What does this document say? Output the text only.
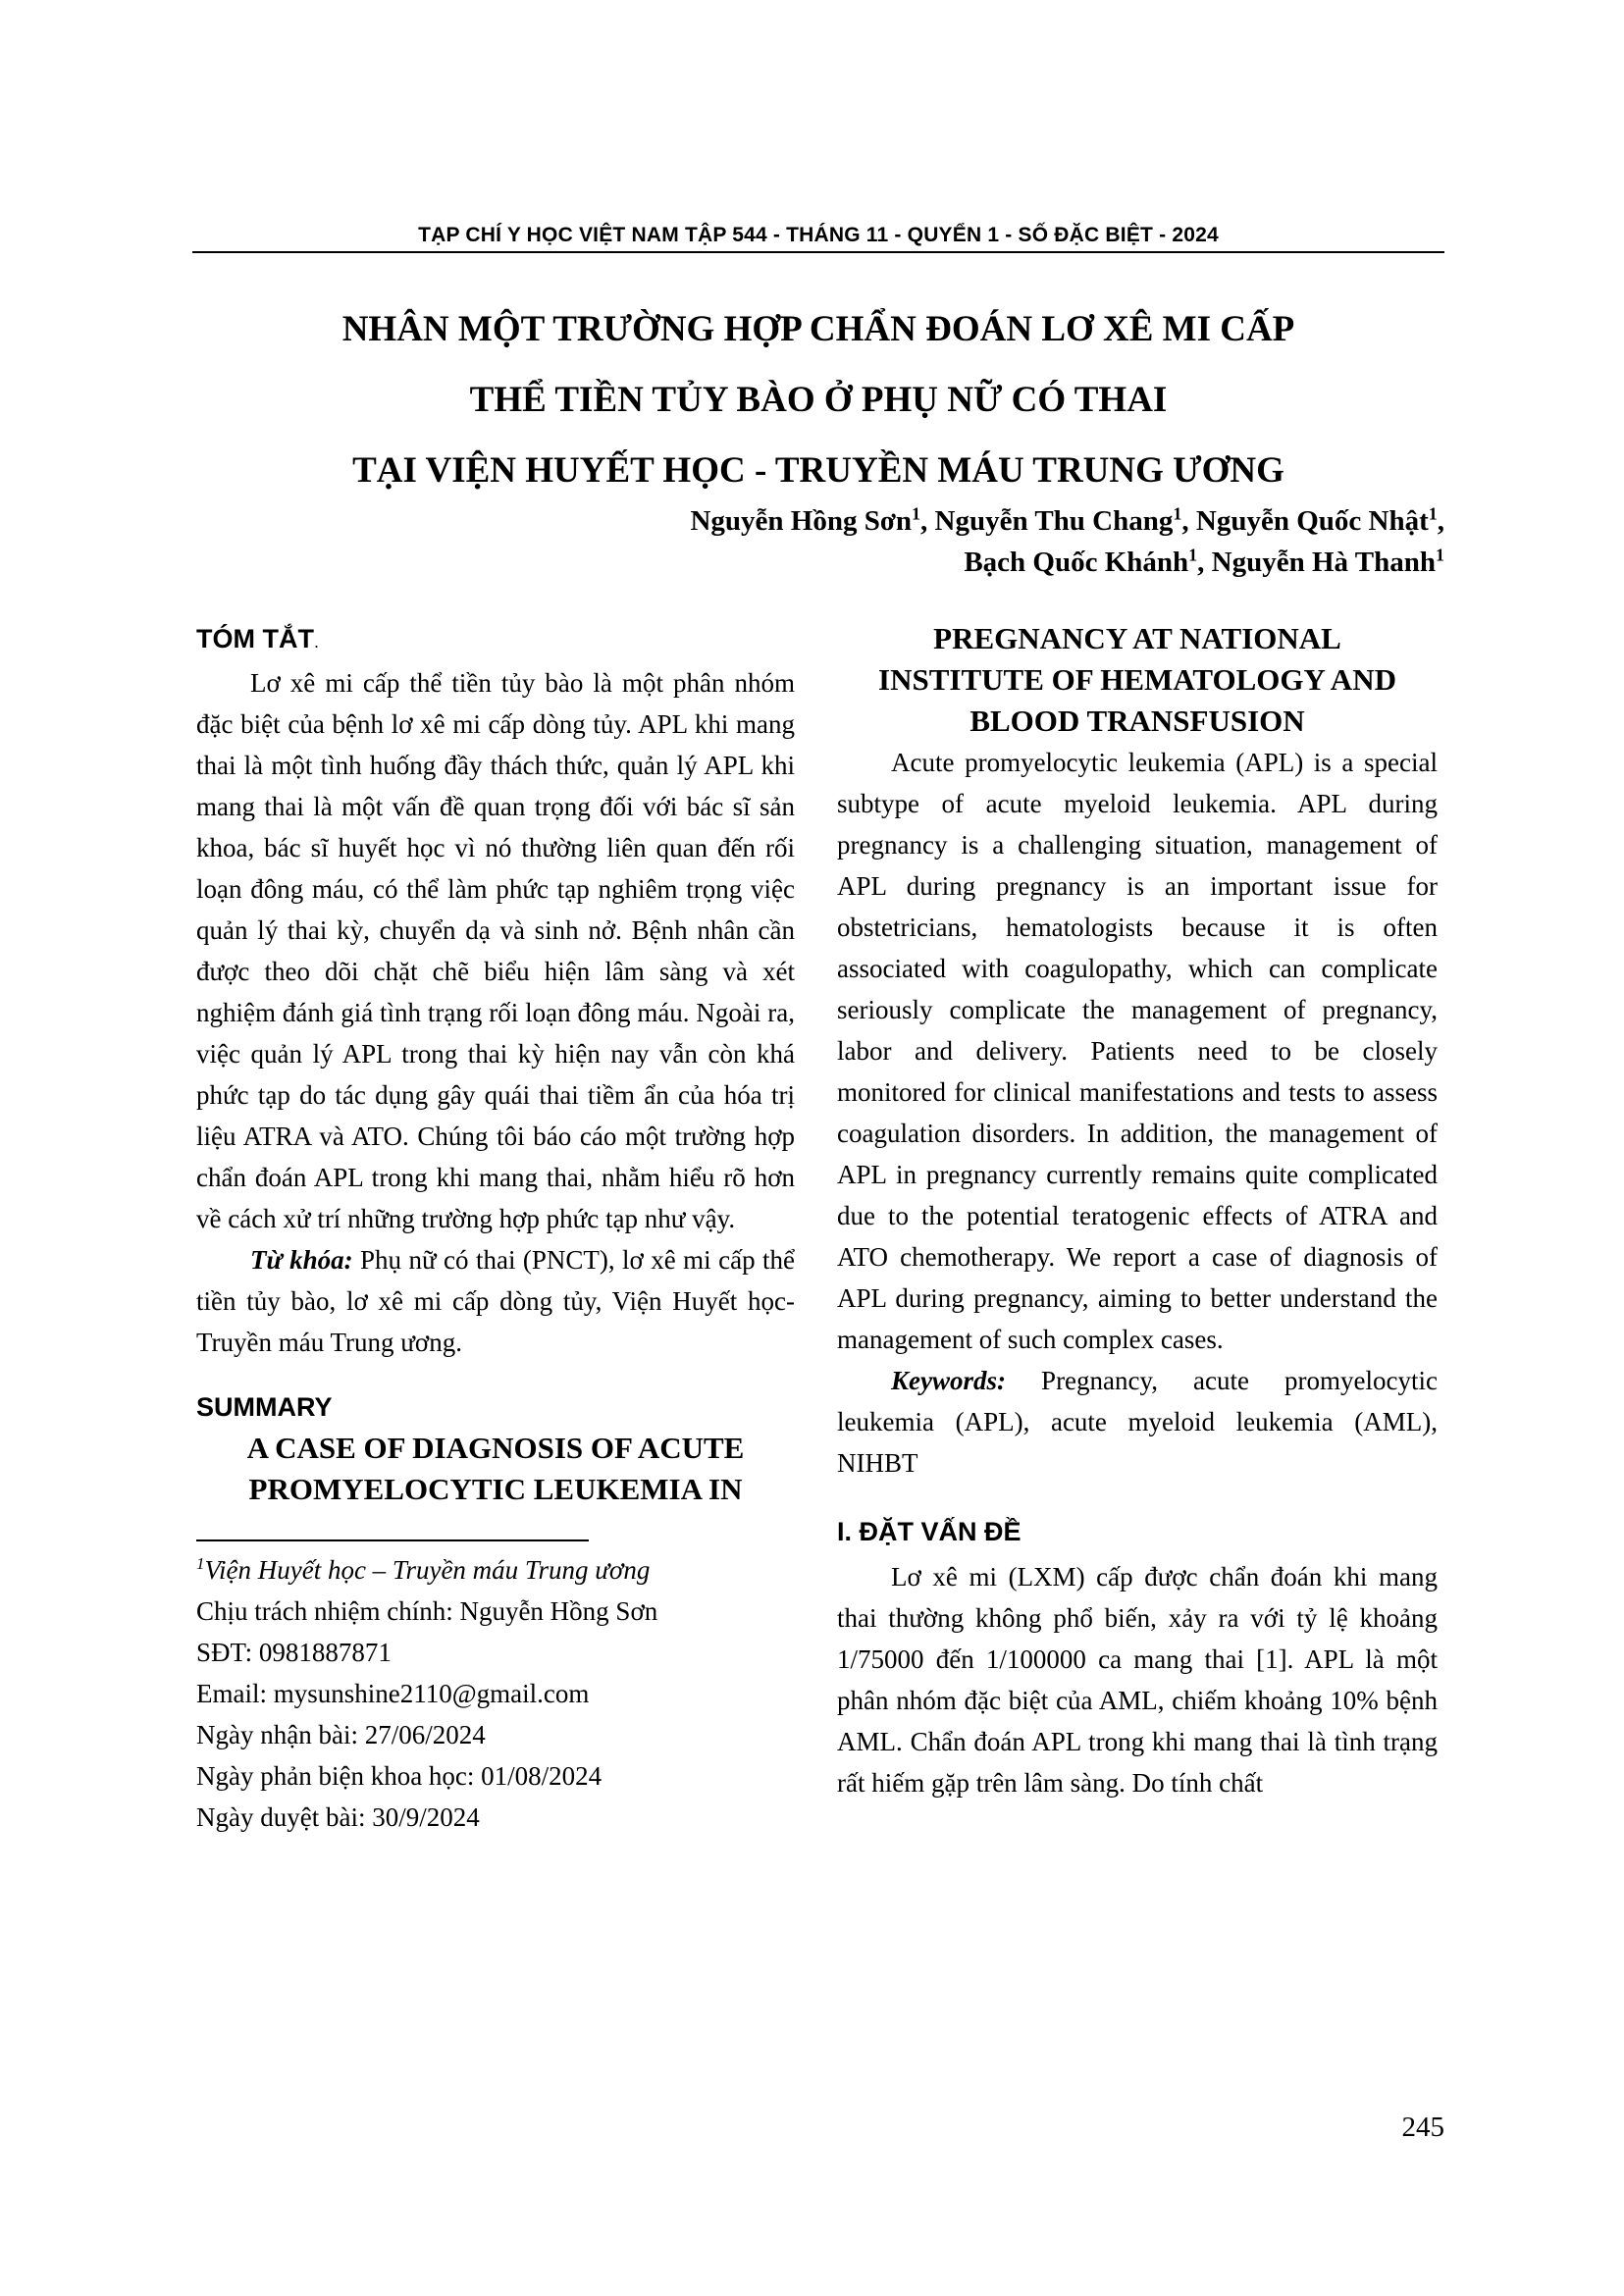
TẠP CHÍ Y HỌC VIỆT NAM TẬP 544 - THÁNG 11 - QUYỂN 1 - SỐ ĐẶC BIỆT - 2024
NHÂN MỘT TRƯỜNG HỢP CHẨN ĐOÁN LƠ XÊ MI CẤP
THỂ TIỀN TỦY BÀO Ở PHỤ NỮ CÓ THAI
TẠI VIỆN HUYẾT HỌC - TRUYỀN MÁU TRUNG ƯƠNG
Nguyễn Hồng Sơn$^1$, Nguyễn Thu Chang$^1$, Nguyễn Quốc Nhật$^1$,
Bạch Quốc Khánh$^1$, Nguyễn Hà Thanh$^1$
TÓM TẮT.

Lơ xê mi cấp thể tiền tủy bào là một phân nhóm đặc biệt của bệnh lơ xê mi cấp dòng tủy. APL khi mang thai là một tình huống đầy thách thức, quản lý APL khi mang thai là một vấn đề quan trọng đối với bác sĩ sản khoa, bác sĩ huyết học vì nó thường liên quan đến rối loạn đông máu, có thể làm phức tạp nghiêm trọng việc quản lý thai kỳ, chuyển dạ và sinh nở. Bệnh nhân cần được theo dõi chặt chẽ biểu hiện lâm sàng và xét nghiệm đánh giá tình trạng rối loạn đông máu. Ngoài ra, việc quản lý APL trong thai kỳ hiện nay vẫn còn khá phức tạp do tác dụng gây quái thai tiềm ẩn của hóa trị liệu ATRA và ATO. Chúng tôi báo cáo một trường hợp chẩn đoán APL trong khi mang thai, nhằm hiểu rõ hơn về cách xử trí những trường hợp phức tạp như vậy.

Từ khóa: Phụ nữ có thai (PNCT), lơ xê mi cấp thể tiền tủy bào, lơ xê mi cấp dòng tủy, Viện Huyết học-Truyền máu Trung ương.

SUMMARY
A CASE OF DIAGNOSIS OF ACUTE
PROMYELOCYTIC LEUKEMIA IN
$^1$Viện Huyết học – Truyền máu Trung ương
Chịu trách nhiệm chính: Nguyễn Hồng Sơn
SĐT: 0981887871
Email: mysunshine2110@gmail.com
Ngày nhận bài: 27/06/2024
Ngày phản biện khoa học: 01/08/2024
Ngày duyệt bài: 30/9/2024
PREGNANCY AT NATIONAL
INSTITUTE OF HEMATOLOGY AND
BLOOD TRANSFUSION

Acute promyelocytic leukemia (APL) is a special subtype of acute myeloid leukemia. APL during pregnancy is a challenging situation, management of APL during pregnancy is an important issue for obstetricians, hematologists because it is often associated with coagulopathy, which can complicate seriously complicate the management of pregnancy, labor and delivery. Patients need to be closely monitored for clinical manifestations and tests to assess coagulation disorders. In addition, the management of APL in pregnancy currently remains quite complicated due to the potential teratogenic effects of ATRA and ATO chemotherapy. We report a case of diagnosis of APL during pregnancy, aiming to better understand the management of such complex cases.

Keywords: Pregnancy, acute promyelocytic leukemia (APL), acute myeloid leukemia (AML), NIHBT

I. ĐẶT VẤN ĐỀ

Lơ xê mi (LXM) cấp được chẩn đoán khi mang thai thường không phổ biến, xảy ra với tỷ lệ khoảng 1/75000 đến 1/100000 ca mang thai [1]. APL là một phân nhóm đặc biệt của AML, chiếm khoảng 10% bệnh AML. Chẩn đoán APL trong khi mang thai là tình trạng rất hiếm gặp trên lâm sàng. Do tính chất

245
